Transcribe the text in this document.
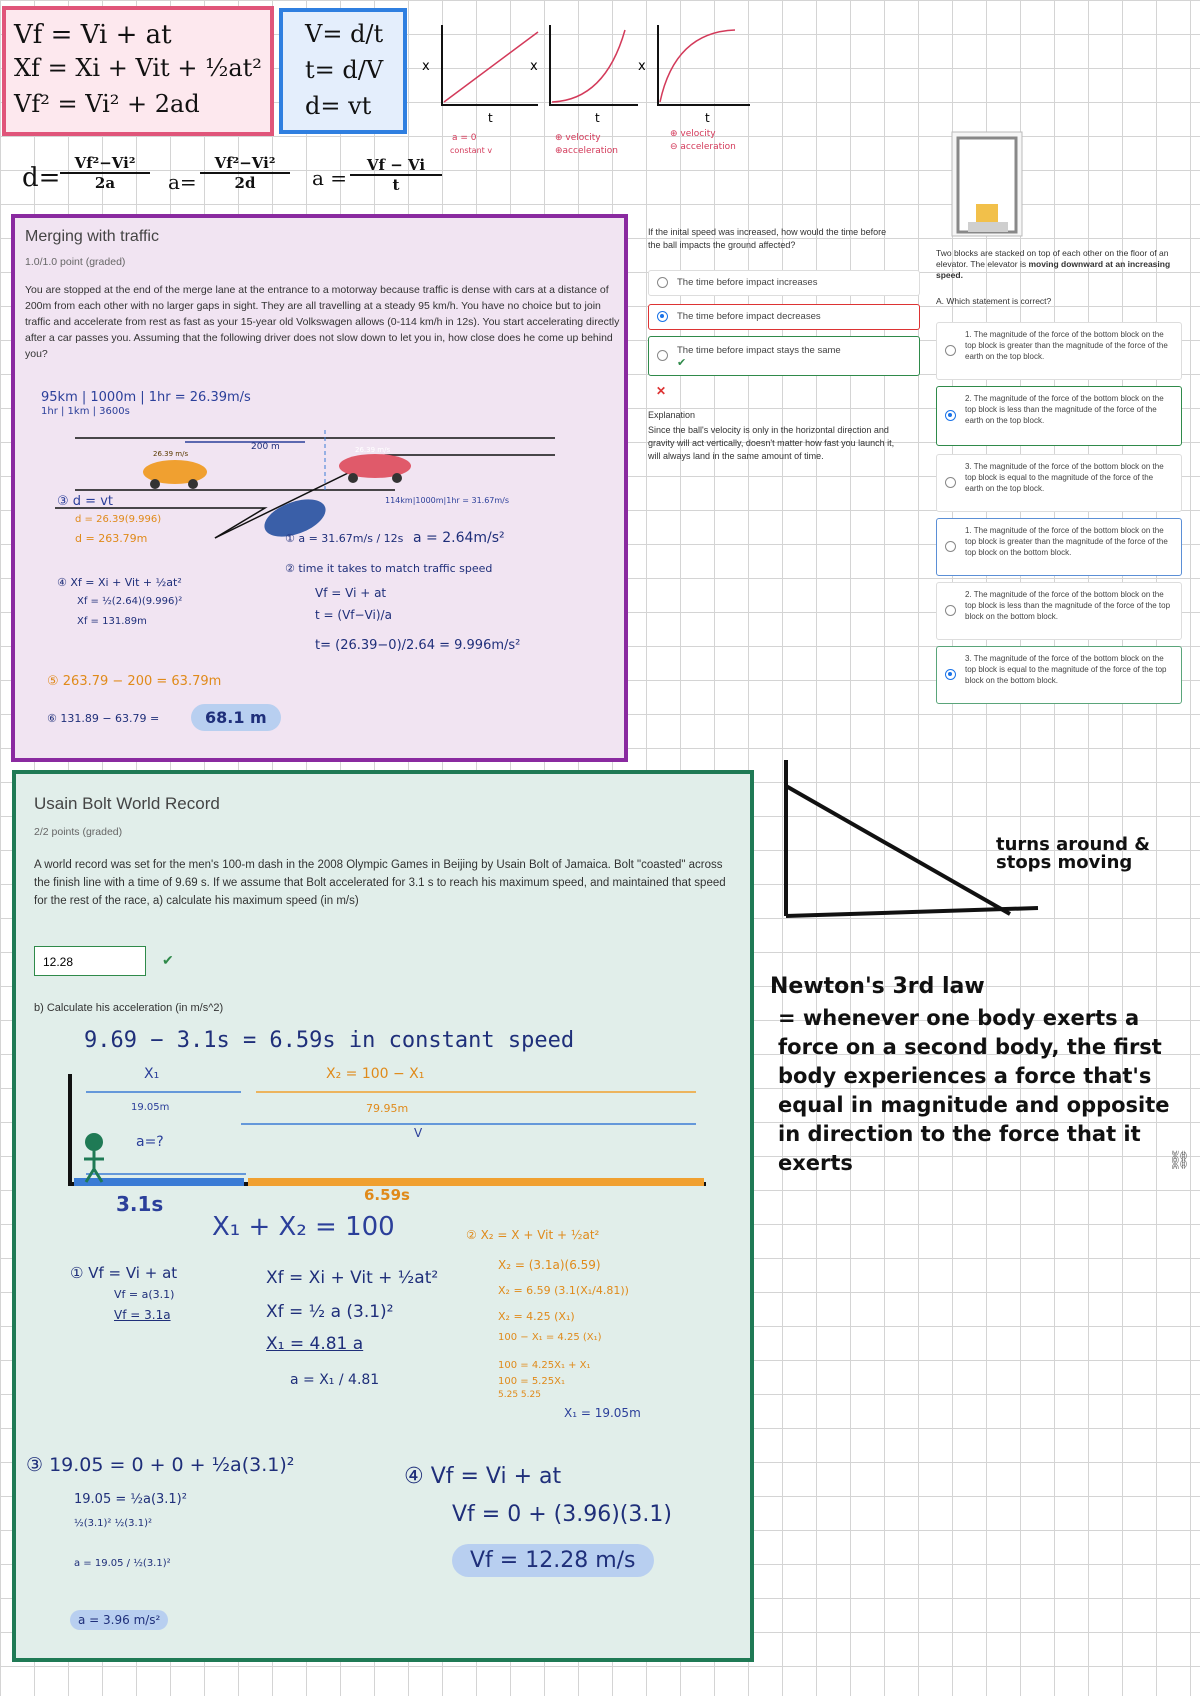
Vf = Vi + at
Xf = Xi + Vit + ½at²
Vf² = Vi² + 2ad
V= d/t
t= d/V
d= vt
x	x	x
t	t	t
a = 0
constant v
⊕ velocity
⊕acceleration
⊕ velocity
⊖ acceleration
$d= \frac{\text{Vf²−Vi²}}{2a} a= \frac{\text{Vf²−Vi²}}{2d}$ $a = \frac{Vf - Vi}{t}$
Merging with traffic
1.0/1.0 point (graded)
You are stopped at the end of the merge lane at the entrance to a motorway because traffic is dense with cars at a distance of 200m from each other with no larger gaps in sight. They are all travelling at a steady 95 km/h. You have no choice but to join traffic and accelerate from rest as fast as your 15-year old Volkswagen allows (0-114 km/h in 12s). You start accelerating directly after a car passes you. Assuming that the following driver does not slow down to let you in, how close does he come up behind you?
95km | 1000m | 1hr = 26.39m/s
1hr | 1km | 3600s
200 m
26.39 m/s	26.39 m/s
③ d = vt
d = 26.39(9.996)
d = 263.79m
114km|1000m|1hr = 31.67m/s
① a = 31.67m/s / 12s a = 2.64m/s²
② time it takes to match traffic speed
Vf = Vi + at
t = (Vf−Vi)/a
t= (26.39−0)/2.64 = 9.996m/s²
④ Xf = Xi + Vit + ½at²
Xf = ½(2.64)(9.996)²
Xf = 131.89m
⑤ 263.79 − 200 = 63.79m
⑥ 131.89 − 63.79 =	68.1 m
If the inital speed was increased, how would the time before the ball impacts the ground affected?
The time before impact increases
The time before impact decreases
The time before impact stays the same
✔
✕
Explanation
Since the ball's velocity is only in the horizontal direction and gravity will act vertically, doesn't matter how fast you launch it, will always land in the same amount of time.
Two blocks are stacked on top of each other on the floor of an elevator. The elevator is moving downward at an increasing speed.
A. Which statement is correct?
1. The magnitude of the force of the bottom block on the top block is greater than the magnitude of the force of the earth on the top block.
2. The magnitude of the force of the bottom block on the top block is less than the magnitude of the force of the earth on the top block.
3. The magnitude of the force of the bottom block on the top block is equal to the magnitude of the force of the earth on the top block.
1. The magnitude of the force of the bottom block on the top block is greater than the magnitude of the force of the top block on the bottom block.
2. The magnitude of the force of the bottom block on the top block is less than the magnitude of the force of the top block on the bottom block.
3. The magnitude of the force of the bottom block on the top block is equal to the magnitude of the force of the top block on the bottom block.
Usain Bolt World Record
2/2 points (graded)
A world record was set for the men's 100-m dash in the 2008 Olympic Games in Beijing by Usain Bolt of Jamaica. Bolt "coasted" across the finish line with a time of 9.69 s. If we assume that Bolt accelerated for 3.1 s to reach his maximum speed, and maintained that speed for the rest of the race, a) calculate his maximum speed (in m/s)
12.28	✔
b) Calculate his acceleration (in m/s^2)
9.69 − 3.1s = 6.59s in constant speed
X₁	X₂ = 100 − X₁
19.05m	79.95m
V
a=?
3.1s	6.59s
X₁ + X₂ = 100
① Vf = Vi + at
Vf = a(3.1)
Vf = 3.1a
Xf = Xi + Vit + ½at²
Xf = ½ a (3.1)²
X₁ = 4.81 a
a = X₁ / 4.81
② X₂ = X + Vit + ½at²
X₂ = (3.1a)(6.59)
X₂ = 6.59 (3.1(X₁/4.81))
X₂ = 4.25 (X₁)
100 − X₁ = 4.25 (X₁)
100 = 4.25X₁ + X₁
100 = 5.25X₁
5.25 5.25
X₁ = 19.05m
③ 19.05 = 0 + 0 + ½a(3.1)²
19.05 = ½a(3.1)²
½(3.1)² ½(3.1)²
a = 19.05 / ½(3.1)²
a = 3.96 m/s²
④ Vf = Vi + at
Vf = 0 + (3.96)(3.1)
Vf = 12.28 m/s
turns around & stops moving
Newton's 3rd law
= whenever one body exerts a force on a second body, the first body experiences a force that's equal in magnitude and opposite in direction to the force that it exerts	⛓
